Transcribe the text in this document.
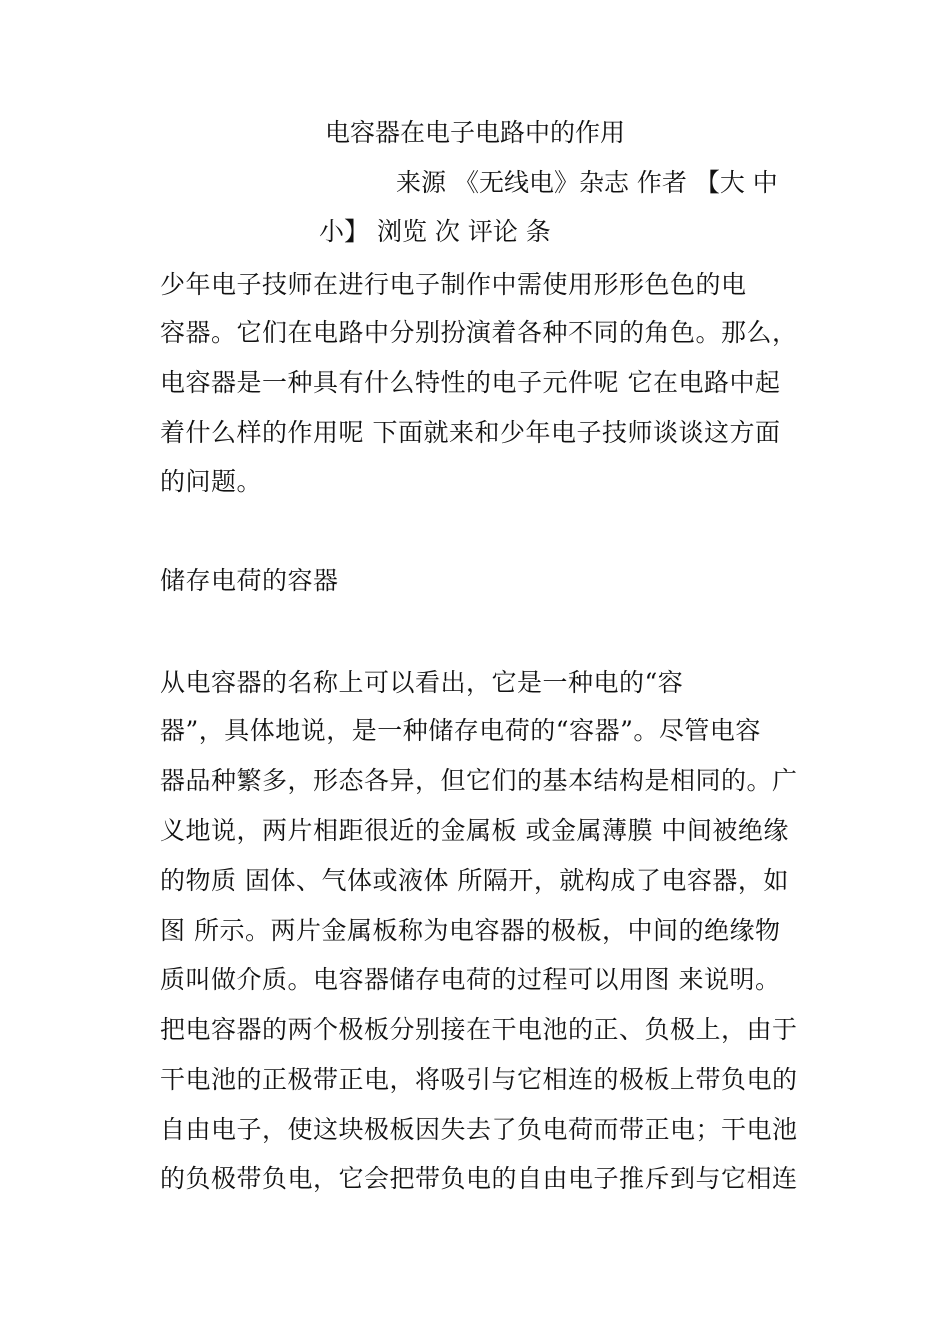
电容器在电子电路中的作用
来源 《无线电》杂志 作者 【大 中
小】 浏览 次 评论 条
少年电子技师在进行电子制作中需使用形形色色的电
容器。它们在电路中分别扮演着各种不同的角色。那么，
电容器是一种具有什么特性的电子元件呢 它在电路中起
着什么样的作用呢 下面就来和少年电子技师谈谈这方面
的问题。
储存电荷的容器
从电容器的名称上可以看出，它是一种电的“容
器”，具体地说，是一种储存电荷的“容器”。尽管电容
器品种繁多，形态各异，但它们的基本结构是相同的。广
义地说，两片相距很近的金属板 或金属薄膜 中间被绝缘
的物质 固体、气体或液体 所隔开，就构成了电容器，如
图 所示。两片金属板称为电容器的极板，中间的绝缘物
质叫做介质。电容器储存电荷的过程可以用图 来说明。
把电容器的两个极板分别接在干电池的正、负极上，由于
干电池的正极带正电，将吸引与它相连的极板上带负电的
自由电子，使这块极板因失去了负电荷而带正电；干电池
的负极带负电，它会把带负电的自由电子推斥到与它相连
